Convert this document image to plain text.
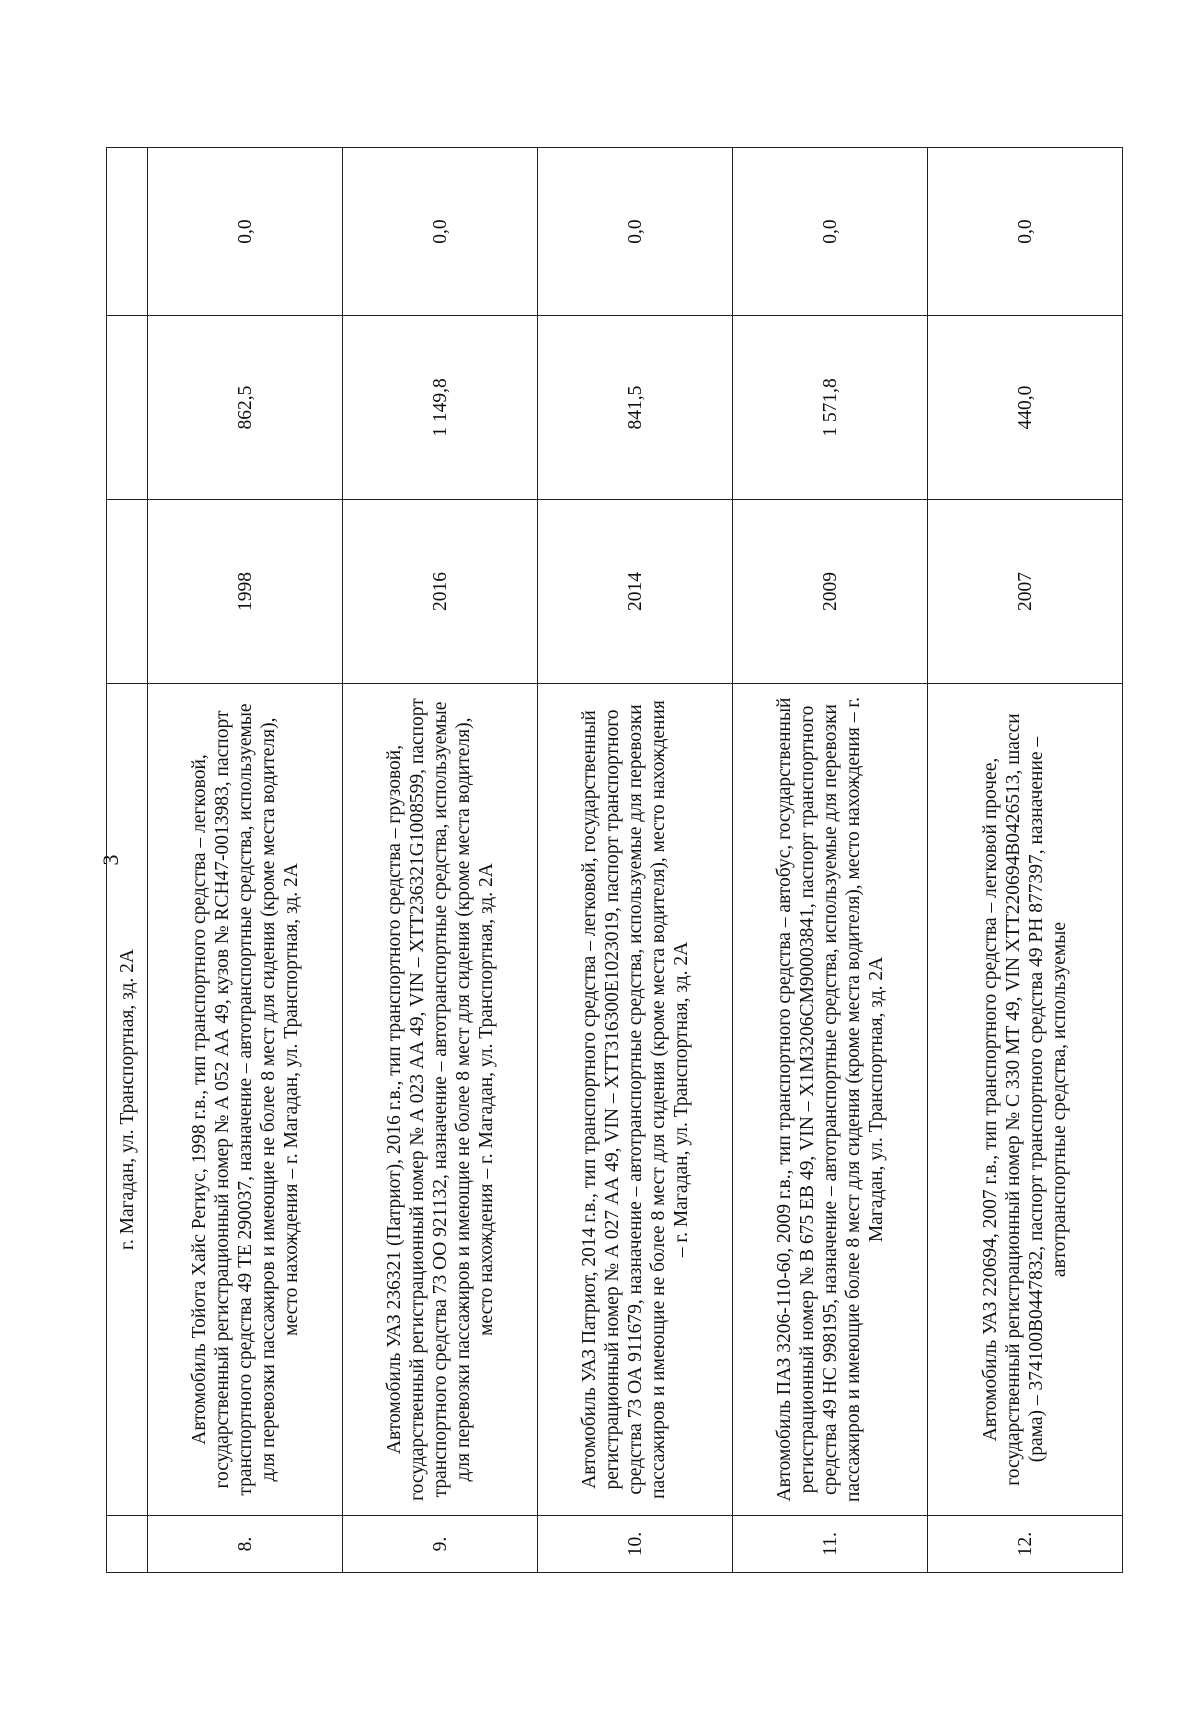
3
	г. Магадан, ул. Транспортная, зд. 2А			
8.	Автомобиль Тойота Хайс Региус, 1998 г.в., тип транспортного средства – легковой, государственный регистрационный номер № А 052 АА 49, кузов № RCH47-0013983, паспорт транспортного средства 49 ТЕ 290037, назначение – автотранспортные средства, используемые для перевозки пассажиров и имеющие не более 8 мест для сидения (кроме места водителя), место нахождения – г. Магадан, ул. Транспортная, зд. 2А	1998	862,5	0,0
9.	Автомобиль УАЗ 236321 (Патриот), 2016 г.в., тип транспортного средства – грузовой, государственный регистрационный номер № А 023 АА 49, VIN – ХТТ236321G1008599, паспорт транспортного средства 73 ОО 921132, назначение – автотранспортные средства, используемые для перевозки пассажиров и имеющие не более 8 мест для сидения (кроме места водителя), место нахождения – г. Магадан, ул. Транспортная, зд. 2А	2016	1 149,8	0,0
10.	Автомобиль УАЗ Патриот, 2014 г.в., тип транспортного средства – легковой, государственный регистрационный номер № А 027 АА 49, VIN – ХТТ316300Е1023019, паспорт транспортного средства 73 ОА 911679, назначение – автотранспортные средства, используемые для перевозки пассажиров и имеющие не более 8 мест для сидения (кроме места водителя), место нахождения – г. Магадан, ул. Транспортная, зд. 2А	2014	841,5	0,0
11.	Автомобиль ПАЗ 3206-110-60, 2009 г.в., тип транспортного средства – автобус, государственный регистрационный номер № В 675 ЕВ 49, VIN – Х1М3206СМ90003841, паспорт транспортного средства 49 НС 998195, назначение – автотранспортные средства, используемые для перевозки пассажиров и имеющие более 8 мест для сидения (кроме места водителя), место нахождения – г. Магадан, ул. Транспортная, зд. 2А	2009	1 571,8	0,0
12.	Автомобиль УАЗ 220694, 2007 г.в., тип транспортного средства – легковой прочее, государственный регистрационный номер № С 330 МТ 49, VIN ХТТ220694В0426513, шасси (рама) – 374100В0447832, паспорт транспортного средства 49 РН 877397, назначение – автотранспортные средства, используемые	2007	440,0	0,0
